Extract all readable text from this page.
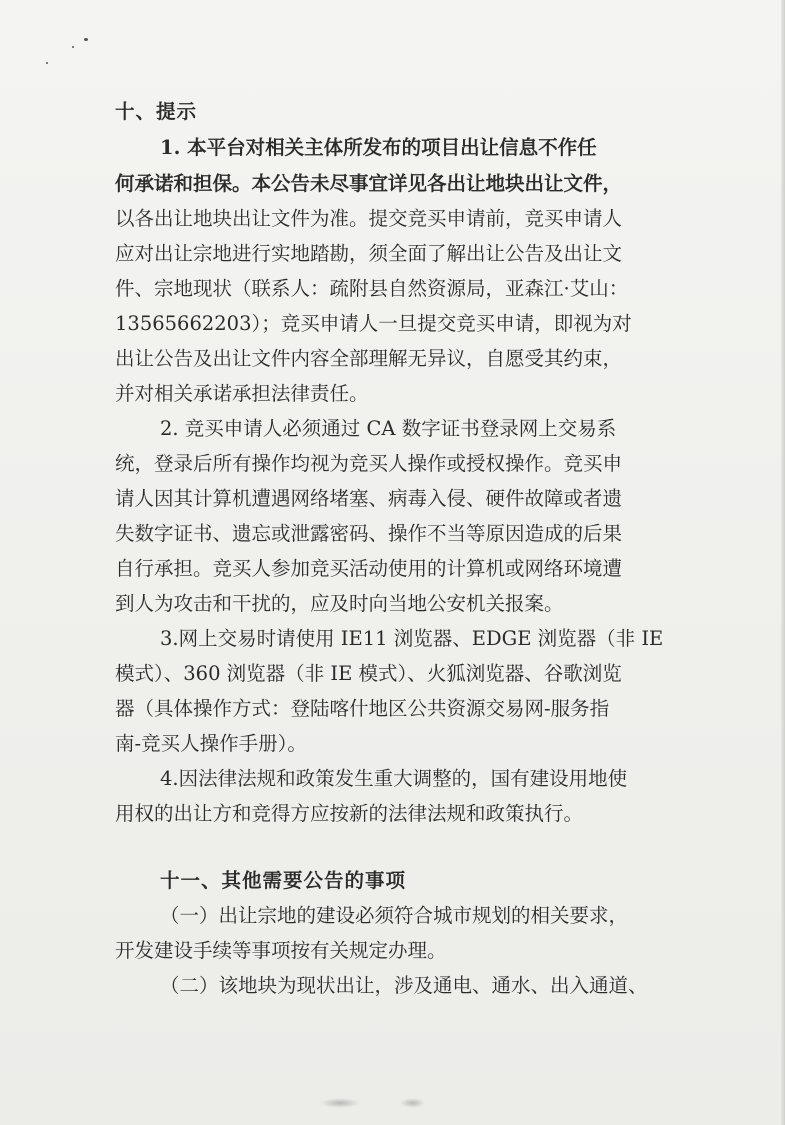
十、提示
1. 本平台对相关主体所发布的项目出让信息不作任
何承诺和担保。本公告未尽事宜详见各出让地块出让文件，
以各出让地块出让文件为准。提交竞买申请前，竞买申请人
应对出让宗地进行实地踏勘，须全面了解出让公告及出让文
件、宗地现状（联系人：疏附县自然资源局，亚森江·艾山：
13565662203）；竞买申请人一旦提交竞买申请，即视为对
出让公告及出让文件内容全部理解无异议，自愿受其约束，
并对相关承诺承担法律责任。
2. 竞买申请人必须通过 CA 数字证书登录网上交易系
统，登录后所有操作均视为竞买人操作或授权操作。竞买申
请人因其计算机遭遇网络堵塞、病毒入侵、硬件故障或者遗
失数字证书、遗忘或泄露密码、操作不当等原因造成的后果
自行承担。竞买人参加竞买活动使用的计算机或网络环境遭
到人为攻击和干扰的，应及时向当地公安机关报案。
3.网上交易时请使用 IE11 浏览器、EDGE 浏览器（非 IE
模式）、360 浏览器（非 IE 模式）、火狐浏览器、谷歌浏览
器（具体操作方式：登陆喀什地区公共资源交易网-服务指
南-竞买人操作手册）。
4.因法律法规和政策发生重大调整的，国有建设用地使
用权的出让方和竞得方应按新的法律法规和政策执行。
十一、其他需要公告的事项
（一）出让宗地的建设必须符合城市规划的相关要求，
开发建设手续等事项按有关规定办理。
（二）该地块为现状出让，涉及通电、通水、出入通道、
